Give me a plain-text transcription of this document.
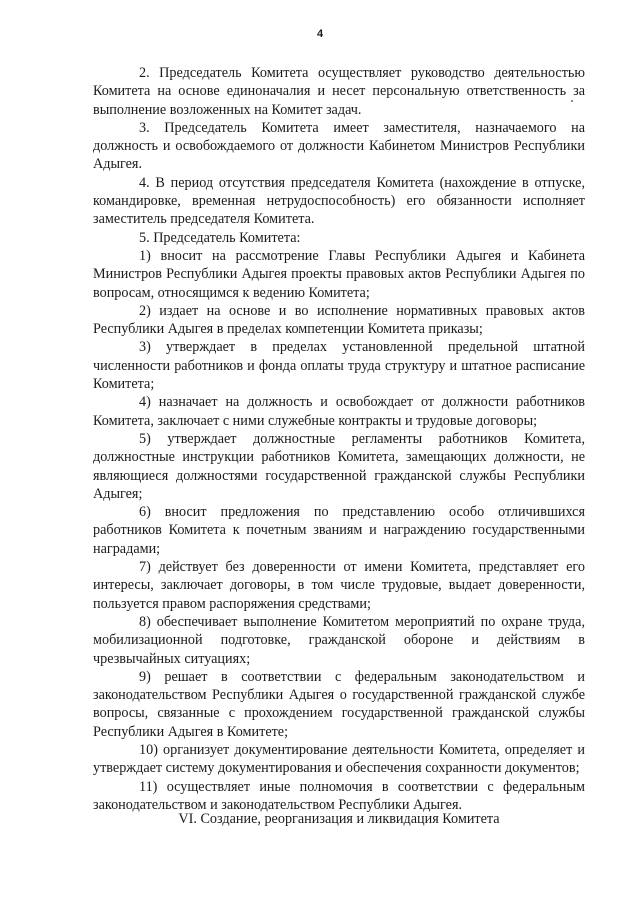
4

2. Председатель Комитета осуществляет руководство деятельностью Комитета на основе единоначалия и несет персональную ответственность за выполнение возложенных на Комитет задач.

3. Председатель Комитета имеет заместителя, назначаемого на должность и освобождаемого от должности Кабинетом Министров Республики Адыгея.

4. В период отсутствия председателя Комитета (нахождение в отпуске, командировке, временная нетрудоспособность) его обязанности исполняет заместитель председателя Комитета.

5. Председатель Комитета:

1) вносит на рассмотрение Главы Республики Адыгея и Кабинета Министров Республики Адыгея проекты правовых актов Республики Адыгея по вопросам, относящимся к ведению Комитета;

2) издает на основе и во исполнение нормативных правовых актов Республики Адыгея в пределах компетенции Комитета приказы;

3) утверждает в пределах установленной предельной штатной численности работников и фонда оплаты труда структуру и штатное расписание Комитета;

4) назначает на должность и освобождает от должности работников Комитета, заключает с ними служебные контракты и трудовые договоры;

5) утверждает должностные регламенты работников Комитета, должностные инструкции работников Комитета, замещающих должности, не являющиеся должностями государственной гражданской службы Республики Адыгея;

6) вносит предложения по представлению особо отличившихся работников Комитета к почетным званиям и награждению государственными наградами;

7) действует без доверенности от имени Комитета, представляет его интересы, заключает договоры, в том числе трудовые, выдает доверенности, пользуется правом распоряжения средствами;

8) обеспечивает выполнение Комитетом мероприятий по охране труда, мобилизационной подготовке, гражданской обороне и действиям в чрезвычайных ситуациях;

9) решает в соответствии с федеральным законодательством и законодательством Республики Адыгея о государственной гражданской службе вопросы, связанные с прохождением государственной гражданской службы Республики Адыгея в Комитете;

10) организует документирование деятельности Комитета, определяет и утверждает систему документирования и обеспечения сохранности документов;

11) осуществляет иные полномочия в соответствии с федеральным законодательством и законодательством Республики Адыгея.

VI. Создание, реорганизация и ликвидация Комитета
